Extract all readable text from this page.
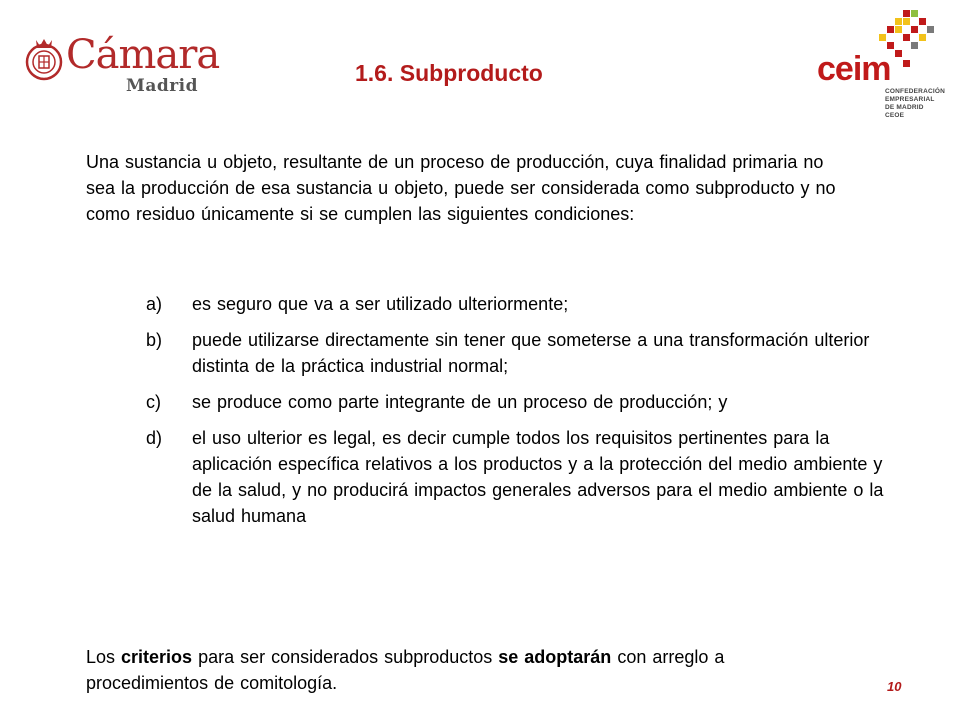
Cámara
Madrid	1.6. Subproducto	ceim
CONFEDERACIÓN
EMPRESARIAL
DE MADRID
CEOE

Una sustancia u objeto, resultante de un proceso de producción, cuya finalidad primaria no sea la producción de esa sustancia u objeto, puede ser considerada como subproducto y no como residuo únicamente si se cumplen las siguientes condiciones:

a) es seguro que va a ser utilizado ulteriormente;
b) puede utilizarse directamente sin tener que someterse a una transformación ulterior distinta de la práctica industrial normal;
c) se produce como parte integrante de un proceso de producción; y
d) el uso ulterior es legal, es decir cumple todos los requisitos pertinentes para la aplicación específica relativos a los productos y a la protección del medio ambiente y de la salud, y no producirá impactos generales adversos para el medio ambiente o la salud humana

Los criterios para ser considerados subproductos se adoptarán con arreglo a procedimientos de comitología.	10
